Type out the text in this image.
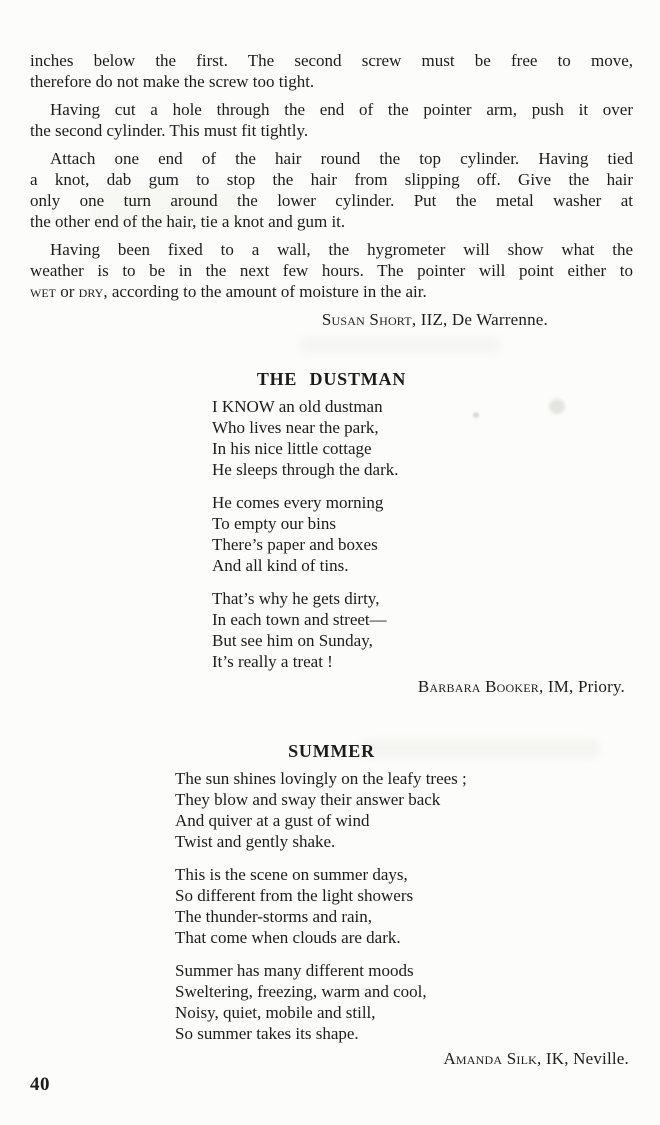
inches below the first. The second screw must be free to move,
therefore do not make the screw too tight.

Having cut a hole through the end of the pointer arm, push it over
the second cylinder. This must fit tightly.

Attach one end of the hair round the top cylinder. Having tied
a knot, dab gum to stop the hair from slipping off. Give the hair
only one turn around the lower cylinder. Put the metal washer at
the other end of the hair, tie a knot and gum it.

Having been fixed to a wall, the hygrometer will show what the
weather is to be in the next few hours. The pointer will point either to
wet or dry, according to the amount of moisture in the air.

Susan Short, IIZ, De Warrenne.
THE DUSTMAN
I KNOW an old dustman
Who lives near the park,
In his nice little cottage
He sleeps through the dark.
He comes every morning
To empty our bins
There’s paper and boxes
And all kind of tins.
That’s why he gets dirty,
In each town and street—
But see him on Sunday,
It’s really a treat !
Barbara Booker, IM, Priory.
SUMMER
The sun shines lovingly on the leafy trees ;
They blow and sway their answer back
And quiver at a gust of wind
Twist and gently shake.
This is the scene on summer days,
So different from the light showers
The thunder-storms and rain,
That come when clouds are dark.
Summer has many different moods
Sweltering, freezing, warm and cool,
Noisy, quiet, mobile and still,
So summer takes its shape.
Amanda Silk, IK, Neville.
40
